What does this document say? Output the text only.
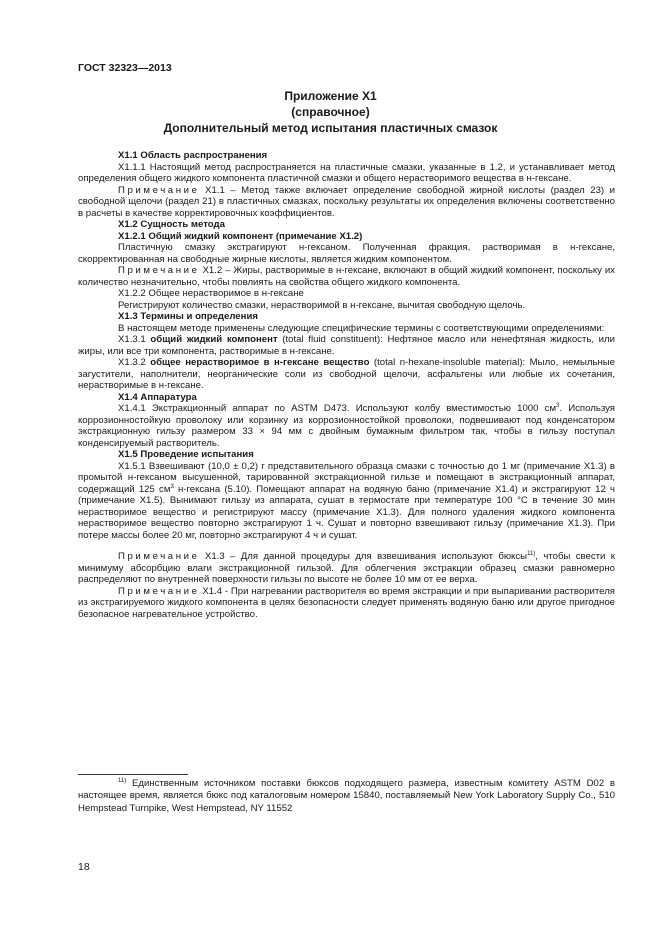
ГОСТ 32323—2013
Приложение Х1
(справочное)
Дополнительный метод испытания пластичных смазок

Х1.1 Область распространения

Х1.1.1 Настоящий метод распространяется на пластичные смазки, указанные в 1.2, и устанавливает метод определения общего жидкого компонента пластичной смазки и общего нерастворимого вещества в н-гексане.

Примечание Х1.1 – Метод также включает определение свободной жирной кислоты (раздел 23) и свободной щелочи (раздел 21) в пластичных смазках, поскольку результаты их определения включены соответственно в расчеты в качестве корректировочных коэффициентов.

Х1.2 Сущность метода

Х1.2.1 Общий жидкий компонент (примечание Х1.2)

Пластичную смазку экстрагируют н-гексаном. Полученная фракция, растворимая в н-гексане, скорректированная на свободные жирные кислоты, является жидким компонентом.

Примечание Х1.2 – Жиры, растворимые в н-гексане, включают в общий жидкий компонент, поскольку их количество незначительно, чтобы повлиять на свойства общего жидкого компонента.

Х1.2.2 Общее нерастворимое в н-гексане

Регистрируют количество смазки, нерастворимой в н-гексане, вычитая свободную щелочь.

Х1.3 Термины и определения

В настоящем методе применены следующие специфические термины с соответствующими определениями:

Х1.3.1 общий жидкий компонент (total fluid constituent): Нефтяное масло или ненефтяная жидкость, или жиры, или все три компонента, растворимые в н-гексане.

Х1.3.2 общее нерастворимое в н-гексане вещество (total n-hexane-insoluble material): Мыло, немыльные загустители, наполнители, неорганические соли из свободной щелочи, асфальтены или любые их сочетания, нерастворимые в н-гексане.

Х1.4 Аппаратура

Х1.4.1 Экстракционный аппарат по ASTM D473. Используют колбу вместимостью 1000 $см^3$. Используя коррозионностойкую проволоку или корзинку из коррозионностойкой проволоки, подвешивают под конденсатором экстракционную гильзу размером 33 × 94 мм с двойным бумажным фильтром так, чтобы в гильзу поступал конденсируемый растворитель.

Х1.5 Проведение испытания

Х1.5.1 Взвешивают (10,0 ± 0,2) г представительного образца смазки с точностью до 1 мг (примечание Х1.3) в промытой н-гексаном высушенной, тарированной экстракционной гильзе и помещают в экстракционный аппарат, содержащий 125 $см^3$ н-гексана (5.10). Помещают аппарат на водяную баню (примечание Х1.4) и экстрагируют 12 ч (примечание Х1.5). Вынимают гильзу из аппарата, сушат в термостате при температуре 100 °С в течение 30 мин нерастворимое вещество и регистрируют массу (примечание Х1.3). Для полного удаления жидкого компонента нерастворимое вещество повторно экстрагируют 1 ч. Сушат и повторно взвешивают гильзу (примечание Х1.3). При потере массы более 20 мг, повторно экстрагируют 4 ч и сушат.

Примечание Х1.3 – Для данной процедуры для взвешивания используют бюксы$^{11)}$, чтобы свести к минимуму абсорбцию влаги экстракционной гильзой. Для облегчения экстракции образец смазки равномерно распределяют по внутренней поверхности гильзы по высоте не более 10 мм от ее верха.

Примечание Х1.4 - При нагревании растворителя во время экстракции и при выпаривании растворителя из экстрагируемого жидкого компонента в целях безопасности следует применять водяную баню или другое пригодное безопасное нагревательное устройство.

$^{11)}$ Единственным источником поставки бюксов подходящего размера, известным комитету ASTM D02 в настоящее время, является бюкс под каталоговым номером 15840, поставляемый New York Laboratory Supply Co., 510 Hempstead Turnpike, West Hempstead, NY 11552

18
